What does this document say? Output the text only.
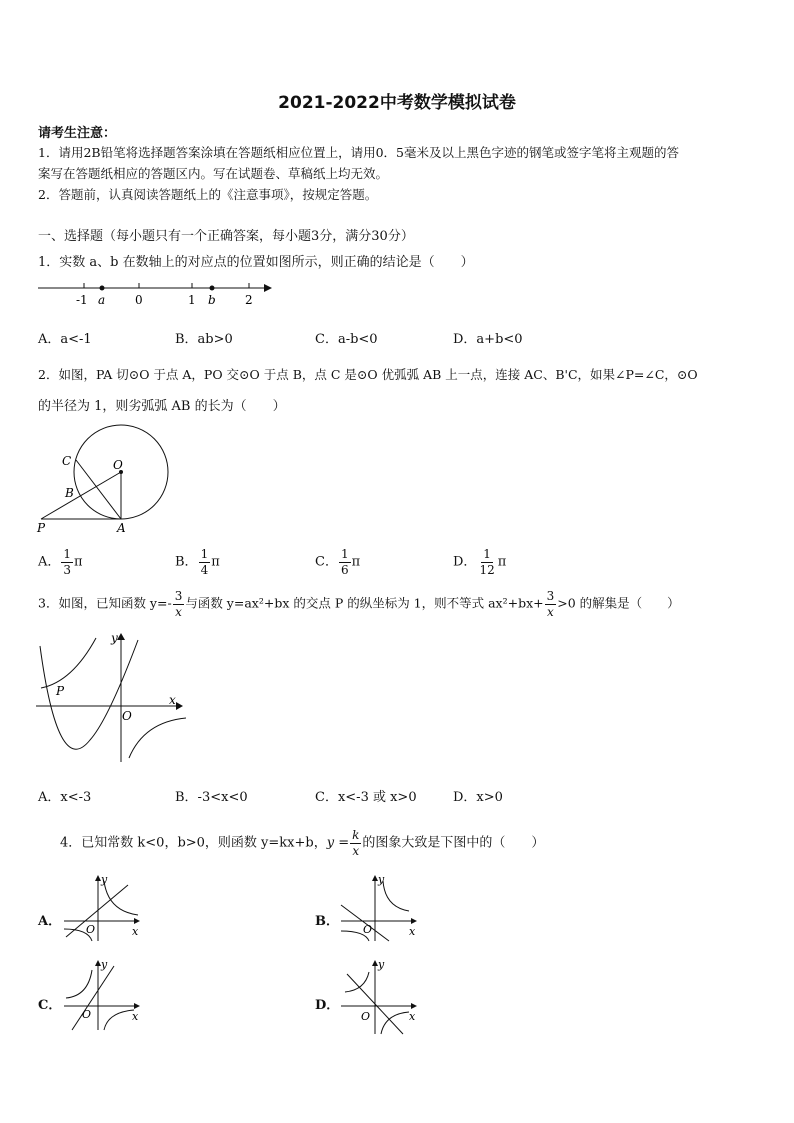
2021-2022中考数学模拟试卷
请考生注意：
1．请用2B铅笔将选择题答案涂填在答题纸相应位置上，请用0．5毫米及以上黑色字迹的钢笔或签字笔将主观题的答
案写在答题纸相应的答题区内。写在试题卷、草稿纸上均无效。
2．答题前，认真阅读答题纸上的《注意事项》，按规定答题。
一、选择题（每小题只有一个正确答案，每小题3分，满分30分）
1．实数 a、b 在数轴上的对应点的位置如图所示，则正确的结论是（　　）
-1 a 0	1 b 2
A．a<-1	B．ab>0	C．a-b<0	D．a+b<0
2．如图，PA 切⊙O 于点 A，PO 交⊙O 于点 B，点 C 是⊙O 优弧弧 AB 上一点，连接 AC、B'C，如果∠P=∠C，⊙O
的半径为 1，则劣弧弧 AB 的长为（　　）
C	O
B
P	A
A． $\frac{1}{3}$ π	B． $\frac{1}{4}$ π	C． $\frac{1}{6}$ π	D． $\frac{1}{12}$ π
3．如图，已知函数 $y=- \frac{3}{x}$ 与函数 y=ax²+bx 的交点 P 的纵坐标为 1，则不等式 $ax^2+bx+ \frac{3}{x} >0$ 的解集是（　　）
y
P
O
x
A．x<-3	B．-3<x<0	C．x<-3 或 x>0	D．x>0
4．已知常数 k<0，b>0，则函数 y=kx+b，$y = \frac{k}{x}$ 的图象大致是下图中的（　　）
A．
y
O	x
B．
y
O	x
C．
y
O	x
D．
y
O	x
